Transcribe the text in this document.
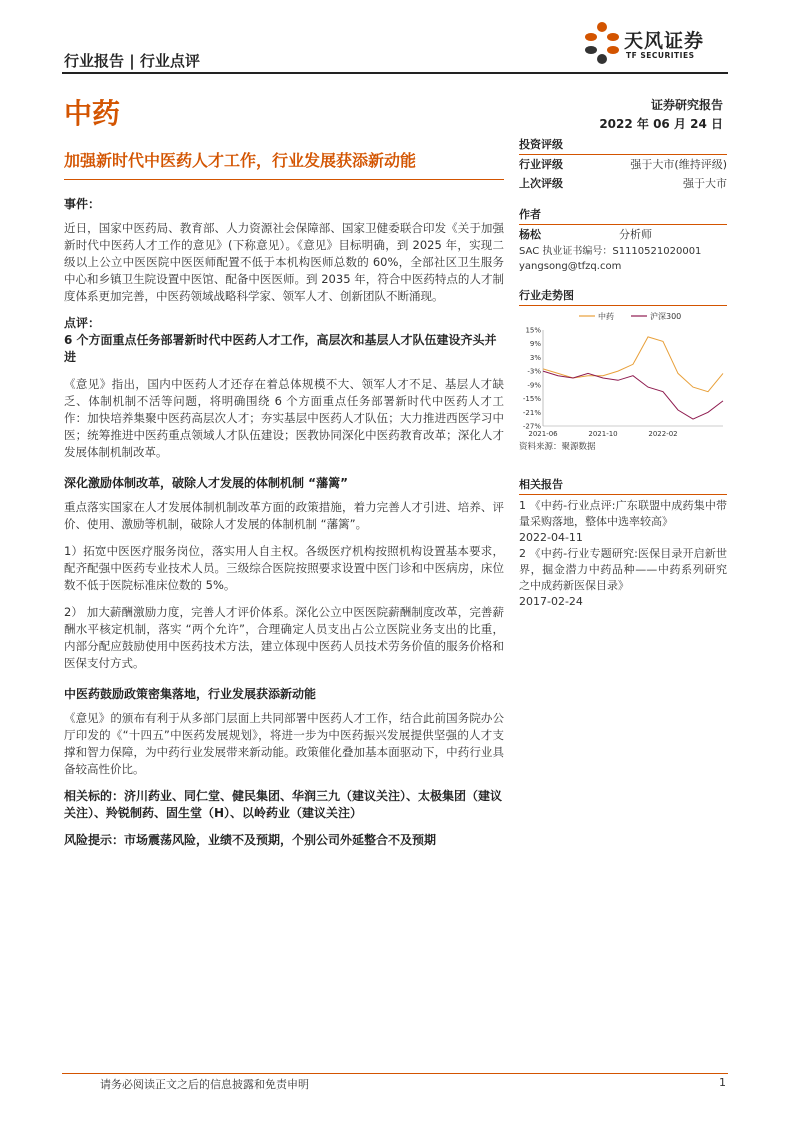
行业报告 | 行业点评
天风证券
TF SECURITIES
中药	证券研究报告
2022 年 06 月 24 日
加强新时代中医药人才工作，行业发展获添新动能
事件：
近日，国家中医药局、教育部、人力资源社会保障部、国家卫健委联合印发《关于加强新时代中医药人才工作的意见》(下称意见）。《意见》目标明确，到 2025 年，实现二级以上公立中医医院中医医师配置不低于本机构医师总数的 60%，全部社区卫生服务中心和乡镇卫生院设置中医馆、配备中医医师。到 2035 年，符合中医药特点的人才制度体系更加完善，中医药领域战略科学家、领军人才、创新团队不断涌现。
点评：
6 个方面重点任务部署新时代中医药人才工作，高层次和基层人才队伍建设齐头并进
《意见》指出，国内中医药人才还存在着总体规模不大、领军人才不足、基层人才缺乏、体制机制不活等问题，将明确围绕 6 个方面重点任务部署新时代中医药人才工作：加快培养集聚中医药高层次人才；夯实基层中医药人才队伍；大力推进西医学习中医；统筹推进中医药重点领域人才队伍建设；医教协同深化中医药教育改革；深化人才发展体制机制改革。
深化激励体制改革，破除人才发展的体制机制 “藩篱”
重点落实国家在人才发展体制机制改革方面的政策措施，着力完善人才引进、培养、评价、使用、激励等机制，破除人才发展的体制机制 “藩篱”。
1）拓宽中医医疗服务岗位，落实用人自主权。各级医疗机构按照机构设置基本要求，配齐配强中医药专业技术人员。三级综合医院按照要求设置中医门诊和中医病房，床位数不低于医院标准床位数的 5%。
2） 加大薪酬激励力度，完善人才评价体系。深化公立中医医院薪酬制度改革，完善薪酬水平核定机制，落实 “两个允许”，合理确定人员支出占公立医院业务支出的比重，内部分配应鼓励使用中医药技术方法，建立体现中医药人员技术劳务价值的服务价格和医保支付方式。
中医药鼓励政策密集落地，行业发展获添新动能
《意见》的颁布有利于从多部门层面上共同部署中医药人才工作，结合此前国务院办公厅印发的《“十四五”中医药发展规划》，将进一步为中医药振兴发展提供坚强的人才支撑和智力保障，为中药行业发展带来新动能。政策催化叠加基本面驱动下，中药行业具备较高性价比。
相关标的：济川药业、同仁堂、健民集团、华润三九（建议关注）、太极集团（建议关注）、羚锐制药、固生堂（H）、以岭药业（建议关注）
风险提示：市场震荡风险，业绩不及预期，个别公司外延整合不及预期
投资评级
行业评级	强于大市(维持评级)
上次评级	强于大市
作者
杨松	分析师
SAC 执业证书编号：S1110521020001
yangsong@tfzq.com
行业走势图
15%
9%
3%
-3%
-9%
-15%
-21%
-27%
2021-06	2021-10	2022-02
中药	沪深300
资料来源：聚源数据
相关报告
1 《中药-行业点评:广东联盟中成药集中带量采购落地，整体中选率较高》
2022-04-11
2 《中药-行业专题研究:医保目录开启新世界，掘金潜力中药品种——中药系列研究之中成药新医保目录》
2017-02-24
请务必阅读正文之后的信息披露和免责申明	1
